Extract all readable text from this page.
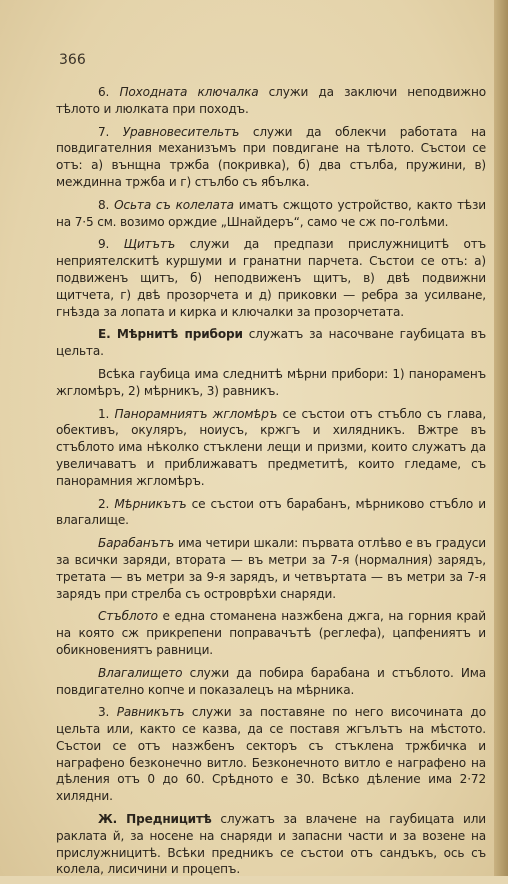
366

6. Походната ключалка служи да заключи неподвижно тѣлото и люлката при походъ.

7. Уравновесительтъ служи да облекчи работата на повдигателния механизъмъ при повдигане на тѣлото. Състои се отъ: а) вънщна тржба (покривка), б) два стълба, пружини, в) междинна тржба и г) стълбо съ ябълка.

8. Осьта съ колелата иматъ сжщото устройство, както тѣзи на 7·5 см. возимо орждие „Шнайдеръ“, само че сж по-голѣми.

9. Щитътъ служи да предпази прислужницитѣ отъ неприятелскитѣ куршуми и гранатни парчета. Състои се отъ: а) подвиженъ щитъ, б) неподвиженъ щитъ, в) двѣ подвижни щитчета, г) двѣ прозорчета и д) приковки — ребра за усилване, гнѣзда за лопата и кирка и ключалки за прозорчетата.

Е. Мѣрнитѣ прибори служатъ за насочване гаубицата въ цельта.

Всѣка гаубица има следнитѣ мѣрни прибори: 1) панораменъ жгломѣръ, 2) мѣрникъ, 3) равникъ.

1. Панорамниятъ жгломѣръ се състои отъ стъбло съ глава, обективъ, окуляръ, ноиусъ, кржгъ и хилядникъ. Вжтре въ стъблото има нѣколко стъклени лещи и призми, които служатъ да увеличаватъ и приближаватъ предметитѣ, които гледаме, съ панорамния жгломѣръ.

2. Мѣрникътъ се състои отъ барабанъ, мѣрниково стъбло и влагалище.

Барабанътъ има четири шкали: първата отлѣво е въ градуси за всички заряди, втората — въ метри за 7-я (нормалния) зарядъ, третата — въ метри за 9-я зарядъ, и четвъртата — въ метри за 7-я зарядъ при стрелба съ островрѣхи снаряди.

Стъблото е една стоманена назжбена джга, на горния край на която сж прикрепени поправачътѣ (реглефа), цапфениятъ и обикновениятъ равници.

Влагалището служи да побира барабана и стъблото. Има повдигателно копче и показалецъ на мѣрника.

3. Равникътъ служи за поставяне по него височината до цельта или, както се казва, да се поставя жгълътъ на мѣстото. Състои се отъ назжбенъ секторъ съ стъклена тржбичка и награфено безконечно витло. Безконечното витло е награфено на дѣления отъ 0 до 60. Срѣдното е 30. Всѣко дѣление има 2·72 хилядни.

Ж. Предницитѣ служатъ за влачене на гаубицата или раклата й, за носене на снаряди и запасни части и за возене на прислужницитѣ. Всѣки предникъ се състои отъ сандъкъ, ось съ колела, лисичини и процепъ.
